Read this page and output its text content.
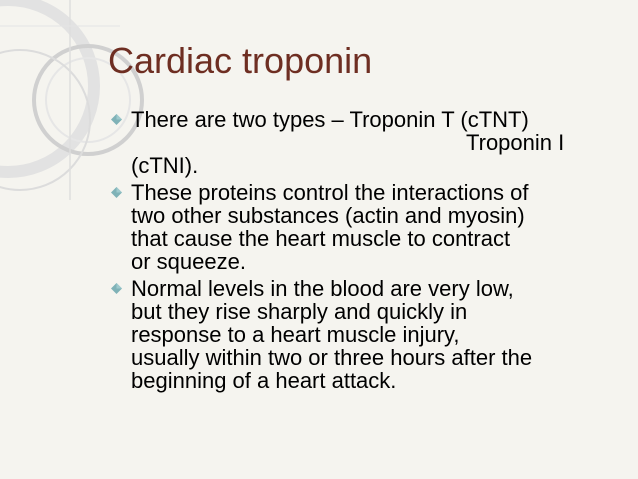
Cardiac troponin
There are two types – Troponin T (cTNT)
Troponin I
(cTNI).
These proteins control the interactions of
two other substances (actin and myosin)
that cause the heart muscle to contract
or squeeze.
Normal levels in the blood are very low,
but they rise sharply and quickly in
response to a heart muscle injury,
usually within two or three hours after the
beginning of a heart attack.
